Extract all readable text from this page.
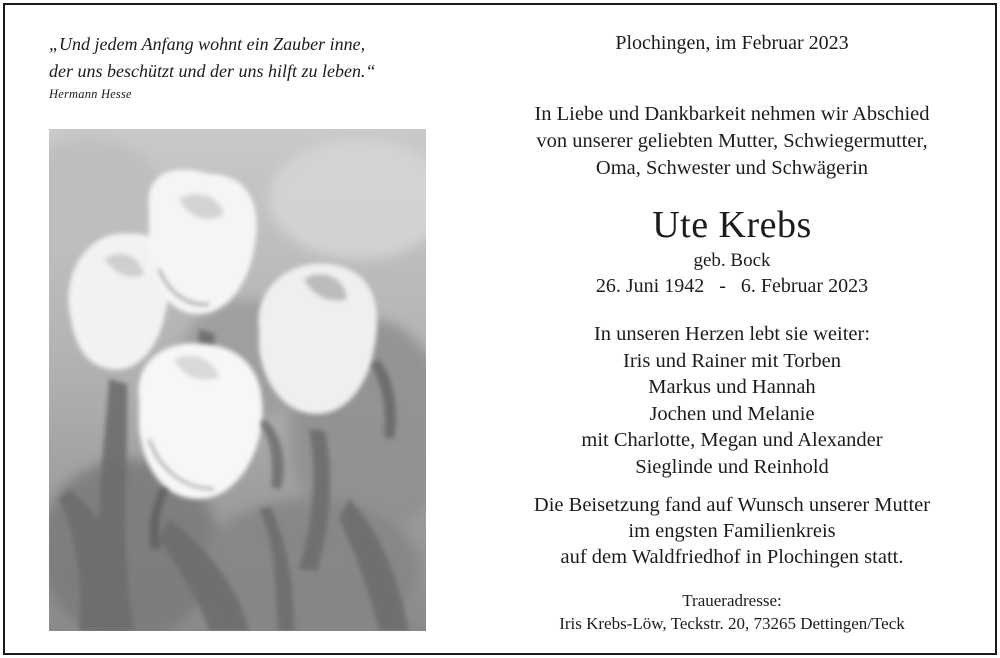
„Und jedem Anfang wohnt ein Zauber inne,
der uns beschützt und der uns hilft zu leben.“
Hermann Hesse
Plochingen, im Februar 2023
In Liebe und Dankbarkeit nehmen wir Abschied
von unserer geliebten Mutter, Schwiegermutter,
Oma, Schwester und Schwägerin
Ute Krebs
geb. Bock
26. Juni 1942   -   6. Februar 2023
In unseren Herzen lebt sie weiter:
Iris und Rainer mit Torben
Markus und Hannah
Jochen und Melanie
mit Charlotte, Megan und Alexander
Sieglinde und Reinhold
Die Beisetzung fand auf Wunsch unserer Mutter
im engsten Familienkreis
auf dem Waldfriedhof in Plochingen statt.
Traueradresse:
Iris Krebs-Löw, Teckstr. 20, 73265 Dettingen/Teck
